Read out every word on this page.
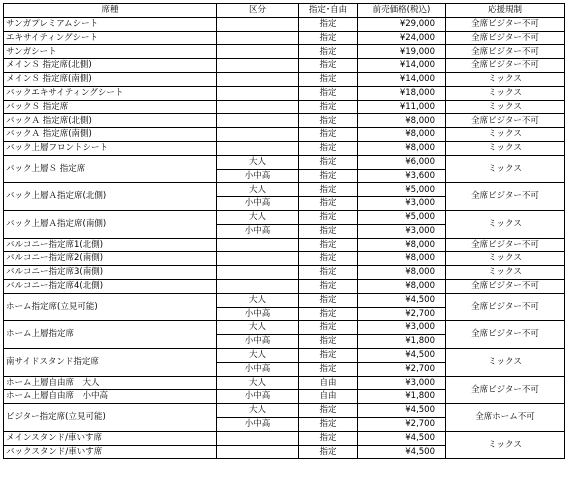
席種	区分	指定･自由	前売価格(税込)	応援規制
サンガプレミアムシート		指定	¥29,000	全席ビジター不可
エキサイティングシート		指定	¥24,000	全席ビジター不可
サンガシート		指定	¥19,000	全席ビジター不可
メインＳ 指定席(北側)		指定	¥14,000	全席ビジター不可
メインＳ 指定席(南側)		指定	¥14,000	ミックス
バックエキサイティングシート		指定	¥18,000	ミックス
バックＳ 指定席		指定	¥11,000	ミックス
バックＡ 指定席(北側)		指定	¥8,000	全席ビジター不可
バックＡ 指定席(南側)		指定	¥8,000	ミックス
バック上層フロントシート		指定	¥8,000	ミックス
バック上層Ｓ 指定席	大人	指定	¥6,000	ミックス
	小中高	指定	¥3,600	
バック上層Ａ指定席(北側)	大人	指定	¥5,000	全席ビジター不可
	小中高	指定	¥3,000	
バック上層Ａ指定席(南側)	大人	指定	¥5,000	ミックス
	小中高	指定	¥3,000	
バルコニー指定席1(北側)		指定	¥8,000	全席ビジター不可
バルコニー指定席2(南側)		指定	¥8,000	ミックス
バルコニー指定席3(南側)		指定	¥8,000	ミックス
バルコニー指定席4(北側)		指定	¥8,000	全席ビジター不可
ホーム指定席(立見可能)	大人	指定	¥4,500	全席ビジター不可
	小中高	指定	¥2,700	
ホーム上層指定席	大人	指定	¥3,000	全席ビジター不可
	小中高	指定	¥1,800	
南サイドスタンド指定席	大人	指定	¥4,500	ミックス
	小中高	指定	¥2,700	
ホーム上層自由席　大人	大人	自由	¥3,000	全席ビジター不可
ホーム上層自由席　小中高	小中高	自由	¥1,800	
ビジター指定席(立見可能)	大人	指定	¥4,500	全席ホーム不可
	小中高	指定	¥2,700	
メインスタンド/車いす席		指定	¥4,500	ミックス
バックスタンド/車いす席		指定	¥4,500	
